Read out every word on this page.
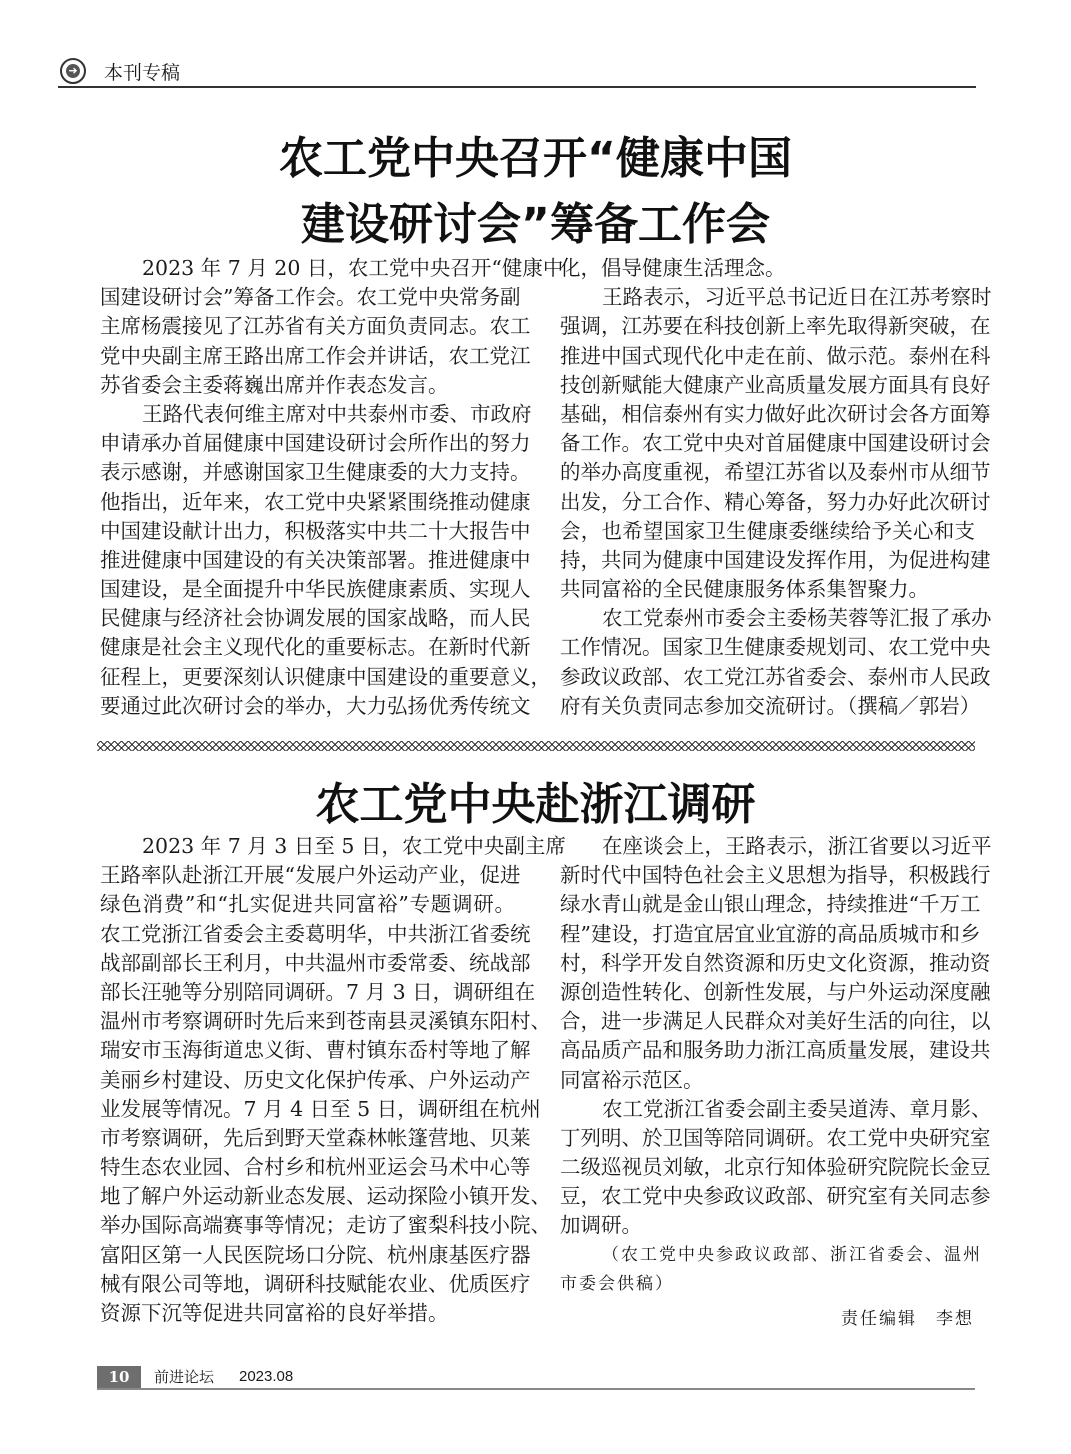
➜ 本刊专稿
农工党中央召开“健康中国
建设研讨会”筹备工作会
2023 年 7 月 20 日，农工党中央召开“健康中
国建设研讨会”筹备工作会。农工党中央常务副
主席杨震接见了江苏省有关方面负责同志。农工
党中央副主席王路出席工作会并讲话，农工党江
苏省委会主委蒋巍出席并作表态发言。
王路代表何维主席对中共泰州市委、市政府
申请承办首届健康中国建设研讨会所作出的努力
表示感谢，并感谢国家卫生健康委的大力支持。
他指出，近年来，农工党中央紧紧围绕推动健康
中国建设献计出力，积极落实中共二十大报告中
推进健康中国建设的有关决策部署。推进健康中
国建设，是全面提升中华民族健康素质、实现人
民健康与经济社会协调发展的国家战略，而人民
健康是社会主义现代化的重要标志。在新时代新
征程上，更要深刻认识健康中国建设的重要意义，
要通过此次研讨会的举办，大力弘扬优秀传统文
化，倡导健康生活理念。
王路表示，习近平总书记近日在江苏考察时
强调，江苏要在科技创新上率先取得新突破，在
推进中国式现代化中走在前、做示范。泰州在科
技创新赋能大健康产业高质量发展方面具有良好
基础，相信泰州有实力做好此次研讨会各方面筹
备工作。农工党中央对首届健康中国建设研讨会
的举办高度重视，希望江苏省以及泰州市从细节
出发，分工合作、精心筹备，努力办好此次研讨
会，也希望国家卫生健康委继续给予关心和支
持，共同为健康中国建设发挥作用，为促进构建
共同富裕的全民健康服务体系集智聚力。
农工党泰州市委会主委杨芙蓉等汇报了承办
工作情况。国家卫生健康委规划司、农工党中央
参政议政部、农工党江苏省委会、泰州市人民政
府有关负责同志参加交流研讨。（撰稿／郭岩）
农工党中央赴浙江调研
2023 年 7 月 3 日至 5 日，农工党中央副主席
王路率队赴浙江开展“发展户外运动产业，促进
绿色消费”和“扎实促进共同富裕”专题调研。
农工党浙江省委会主委葛明华，中共浙江省委统
战部副部长王利月，中共温州市委常委、统战部
部长汪驰等分别陪同调研。7 月 3 日，调研组在
温州市考察调研时先后来到苍南县灵溪镇东阳村、
瑞安市玉海街道忠义街、曹村镇东岙村等地了解
美丽乡村建设、历史文化保护传承、户外运动产
业发展等情况。7 月 4 日至 5 日，调研组在杭州
市考察调研，先后到野天堂森林帐篷营地、贝莱
特生态农业园、合村乡和杭州亚运会马术中心等
地了解户外运动新业态发展、运动探险小镇开发、
举办国际高端赛事等情况；走访了蜜梨科技小院、
富阳区第一人民医院场口分院、杭州康基医疗器
械有限公司等地，调研科技赋能农业、优质医疗
资源下沉等促进共同富裕的良好举措。
在座谈会上，王路表示，浙江省要以习近平
新时代中国特色社会主义思想为指导，积极践行
绿水青山就是金山银山理念，持续推进“千万工
程”建设，打造宜居宜业宜游的高品质城市和乡
村，科学开发自然资源和历史文化资源，推动资
源创造性转化、创新性发展，与户外运动深度融
合，进一步满足人民群众对美好生活的向往，以
高品质产品和服务助力浙江高质量发展，建设共
同富裕示范区。
农工党浙江省委会副主委吴道涛、章月影、
丁列明、於卫国等陪同调研。农工党中央研究室
二级巡视员刘敏，北京行知体验研究院院长金豆
豆，农工党中央参政议政部、研究室有关同志参
加调研。
（农工党中央参政议政部、浙江省委会、温州
市委会供稿）
责任编辑　李想
10	前进论坛 2023.08
